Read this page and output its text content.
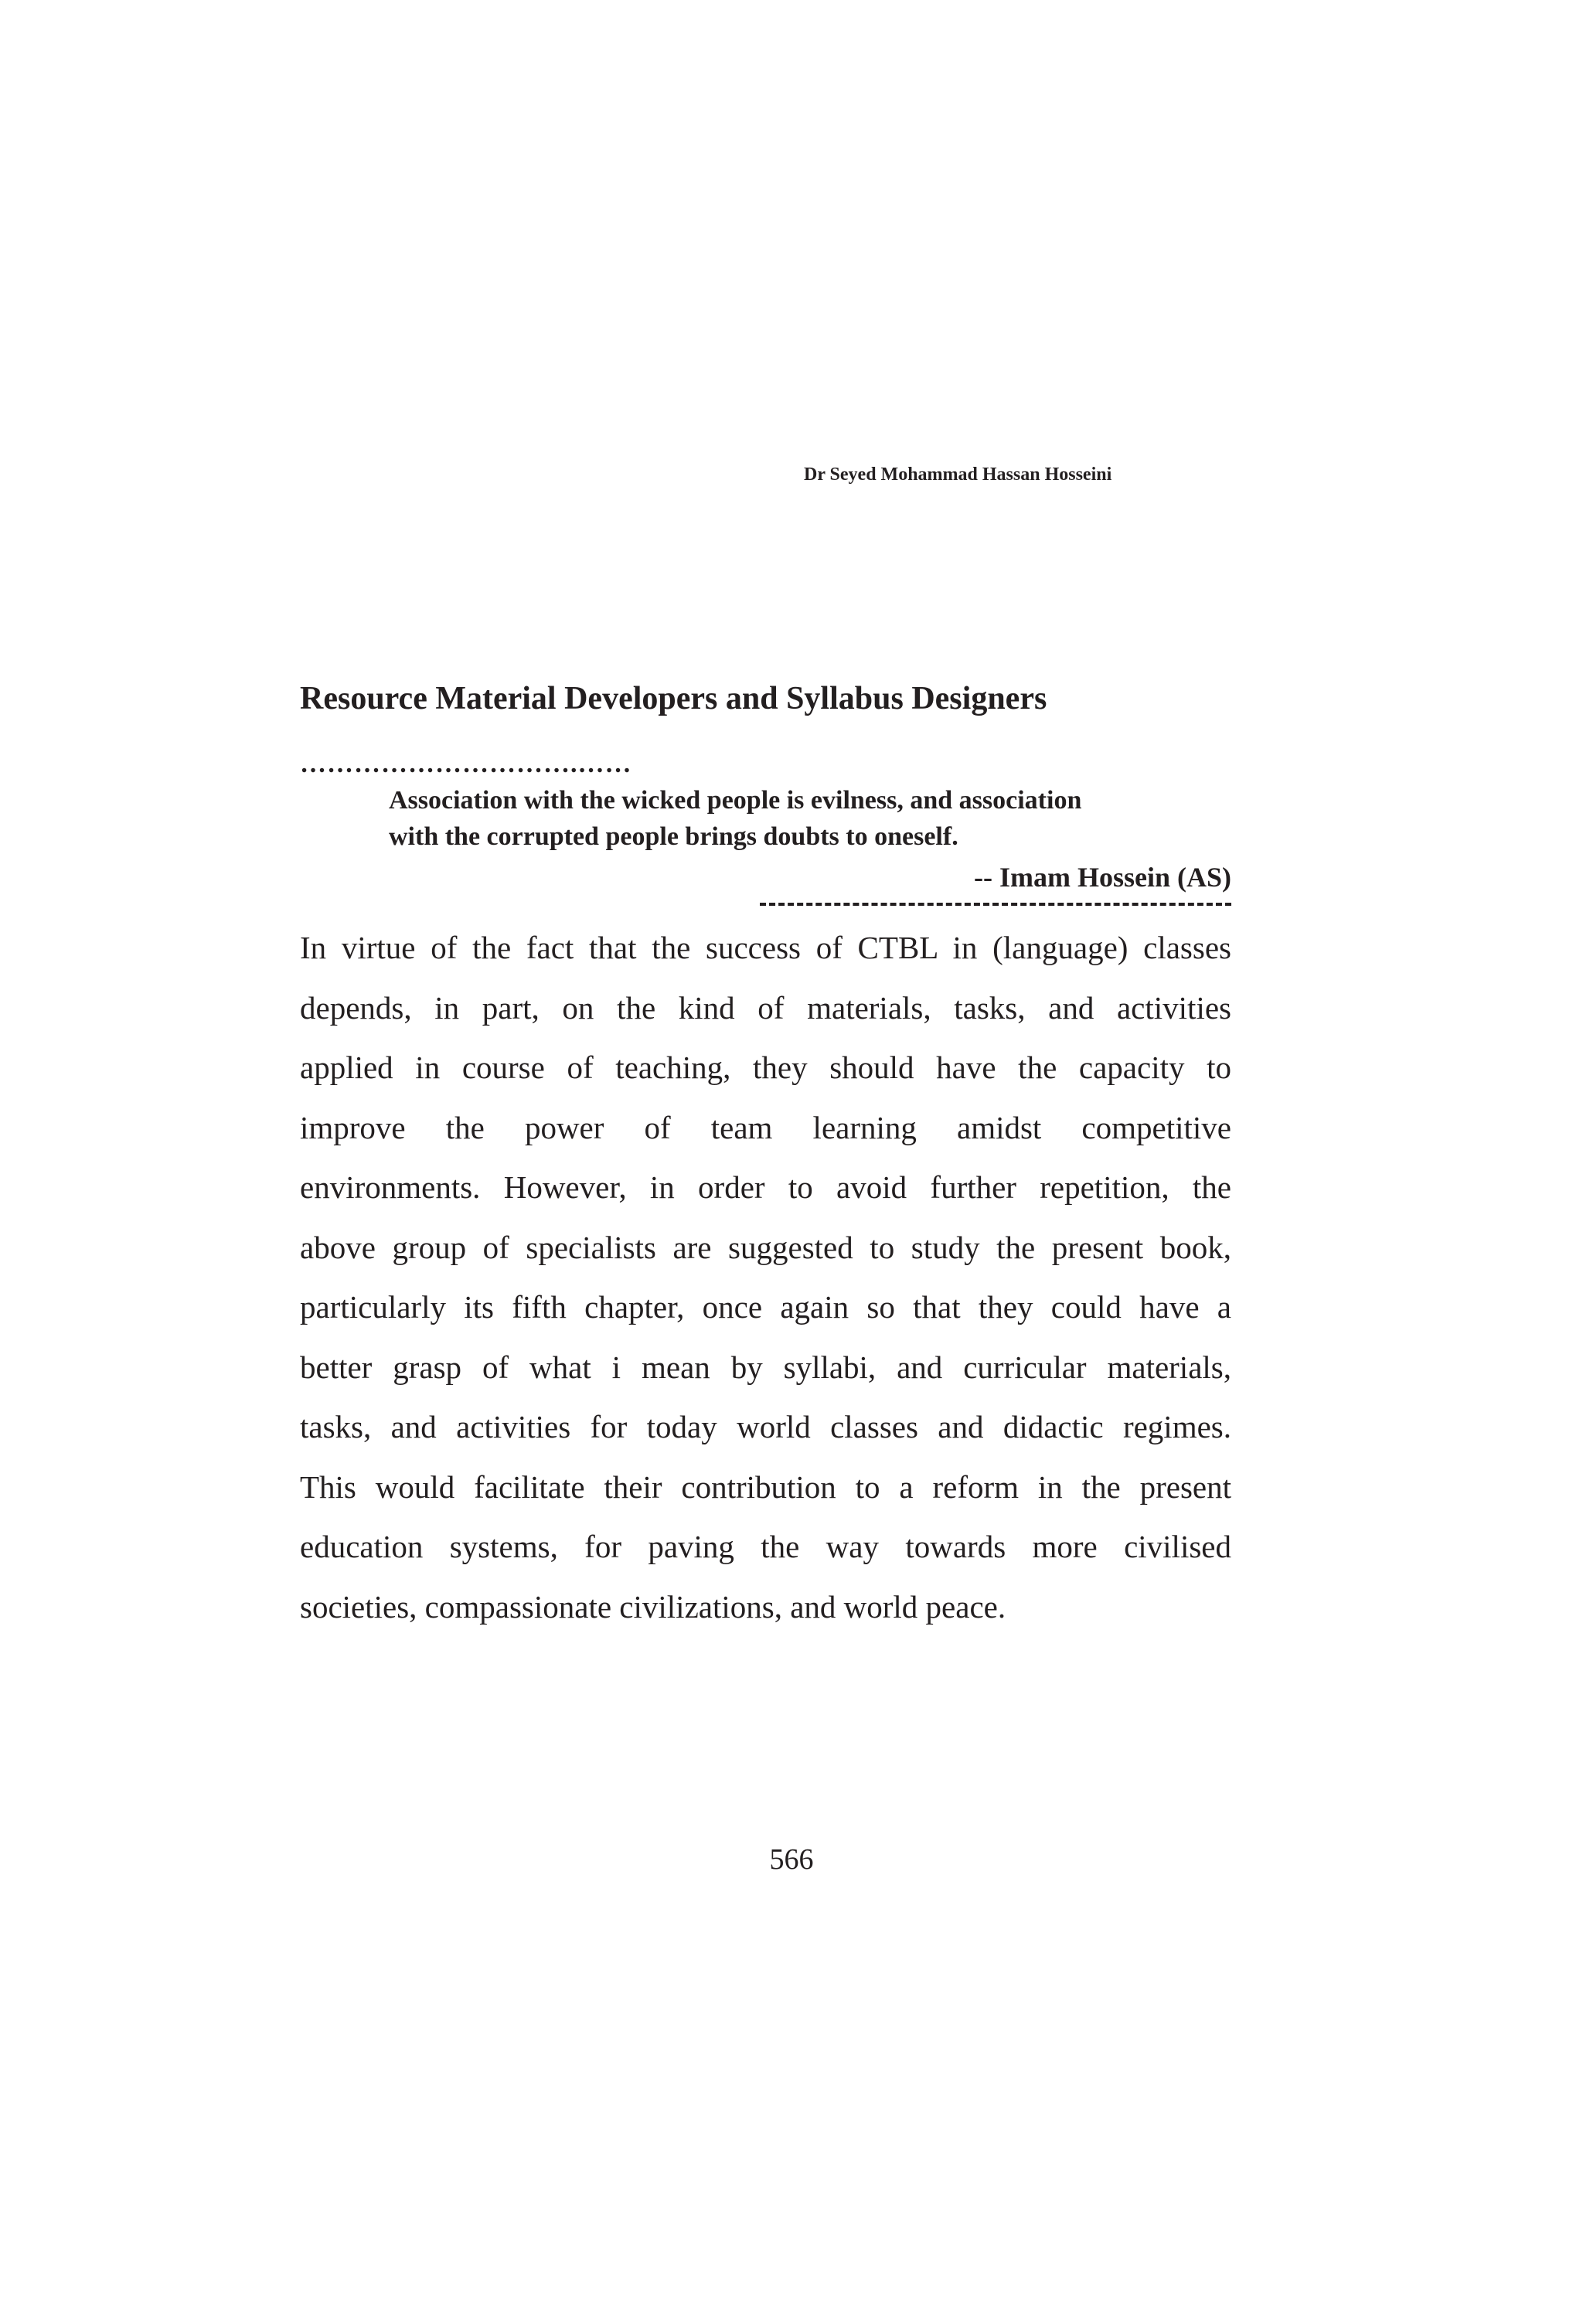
Dr Seyed Mohammad Hassan Hosseini
Resource Material Developers and Syllabus Designers
………………………….……
Association with the wicked people is evilness, and association
with the corrupted people brings doubts to oneself.
-- Imam Hossein (AS)
In virtue of the fact that the success of CTBL in (language) classes
depends, in part, on the kind of materials, tasks, and activities
applied in course of teaching, they should have the capacity to
improve the power of team learning amidst competitive
environments. However, in order to avoid further repetition, the
above group of specialists are suggested to study the present book,
particularly its fifth chapter, once again so that they could have a
better grasp of what i mean by syllabi, and curricular materials,
tasks, and activities for today world classes and didactic regimes.
This would facilitate their contribution to a reform in the present
education systems, for paving the way towards more civilised
societies, compassionate civilizations, and world peace.
566
